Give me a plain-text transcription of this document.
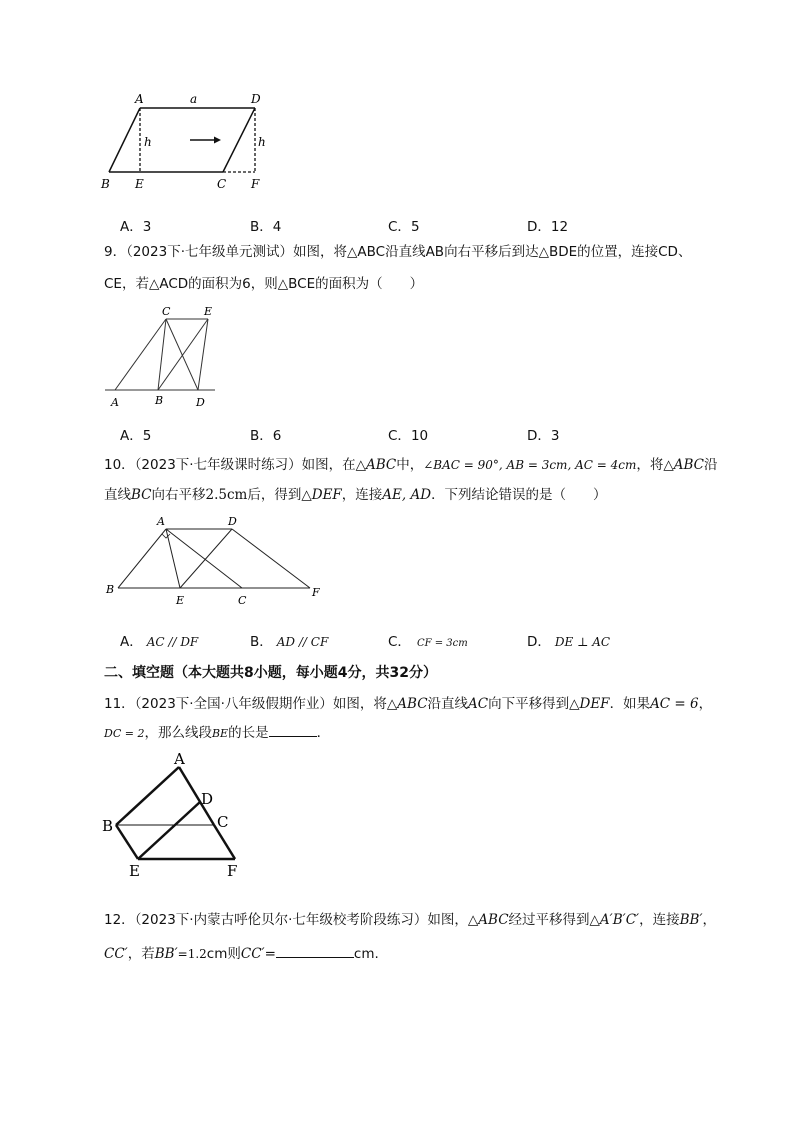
A	a	D
h	h
B E	C F
A．3	B．4	C．5	D．12
9．（2023下·七年级单元测试）如图，将△ABC沿直线AB向右平移后到达△BDE的位置，连接CD、
CE，若△ACD的面积为6，则△BCE的面积为（　　）
C	E
A	B	D
A．5	B．6	C．10	D．3
10．（2023下·七年级课时练习）如图，在△ABC中，∠BAC = 90°, AB = 3cm, AC = 4cm，将△ABC沿
直线BC向右平移2.5cm后，得到△DEF，连接AE, AD．下列结论错误的是（　　）
A	D
B
E	C
F
A． AC // DF	B． AD // CF	C． CF = 3cm	D． DE ⊥ AC
二、填空题（本大题共8小题，每小题4分，共32分）
11．（2023下·全国·八年级假期作业）如图，将△ABC沿直线AC向下平移得到△DEF．如果AC = 6，
DC = 2，那么线段BE的长是	．
A
D
B	C
E	F
12．（2023下·内蒙古呼伦贝尔·七年级校考阶段练习）如图，△ABC经过平移得到△A′B′C′，连接BB′，
CC′，若BB′=1.2cm则CC′=	cm.
